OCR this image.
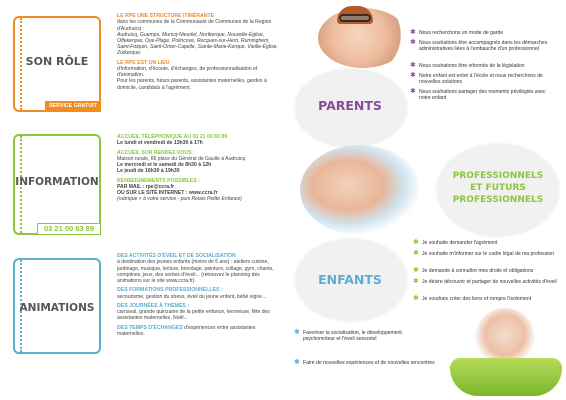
SON RÔLE
SERVICE GRATUIT
INFORMATION
03 21 00 83 89
ANIMATIONS
LE RPE UNE STRUCTURE ITINÉRANTE
dans les communes de la Communauté de Communes de la Region d'Audruicq :
Audruicq, Guemps, Muncq-Nieurlet, Nortkerque, Nouvelle-Église, Offekerque, Oye-Plage, Polincove, Recques-sur-Hem, Ruminghem, Saint-Folquin, Saint-Omer-Capelle, Sainte-Marie-Kerque, Vieille-Église, Zutkerque.
LE RPE EST UN LIEU
d'information, d'écoute, d'échanges, de professionnalisation et d'animation.
Pour les parents, futurs parents, assistantes maternelles, gardes à domicile, candidats à l'agrément.
ACCUEIL TÉLÉPHONIQUE AU 03 21 00 83 89
Le lundi et vendredi de 13h30 à 17h
ACCUEIL SUR RENDEZ-VOUS :
Maison rurale, 66 place du Général de Gaulle à Audruicq
Le mercredi et le samedi de 8h30 à 12h
Le jeudi de 16h30 à 19h30
RENSEIGNEMENTS POSSIBLES :
PAR MAIL : rpe@ccra.fr
OU SUR LE SITE INTERNET : www.ccra.fr
(rubrique « à votre service - puis Relais Petite Enfance)
DES ACTIVITÉS D'ÉVEIL ET DE SOCIALISATION
à destination des jeunes enfants (moins de 6 ans) : ateliers cuisine, jardinage, musique, lecture, bricolage, peinture, collage, gym, chants, comptines, jeux, des sorties d'éveil... (retrouvez le planning des animations sur le site www.ccra.fr).
DES FORMATIONS PROFESSIONNELLES :
secourisme, gestion du stress, éveil du jeune enfant, bébé signe...
DES JOURNÉES À THÈMES :
carnaval, grande quinzaine de la petite enfance, kermesse, fête des assistantes maternelles, Noël...
DES TEMPS D'ÉCHANGES d'expériences entre assistantes maternelles.
PARENTS
✱ Nous recherchons un mode de garde
✱ Nous souhaitons être accompagnés dans les démarches administratives liées à l'embauche d'un professionnel
✱ Nous souhaitons être informés de la législation
✱ Notre enfant est entré à l'école et nous recherchons de nouvelles solutions
✱ Nous souhaitons partager des moments privilégiés avec notre enfant
PROFESSIONNELS ET FUTURS PROFESSIONNELS
✱ Je souhaite demander l'agrément
✱ Je souhaite m'informer sur le cadre légal de ma profession
✱ Je demande à connaître mes droits et obligations
✱ Je désire découvrir et partager de nouvelles activités d'éveil
✱ Je voudrais créer des liens et rompre l'isolement
ENFANTS
✱ Favoriser la socialisation, le développement psychomoteur et l'éveil sensoriel
✱ Faire de nouvelles expériences et de nouvelles rencontres
